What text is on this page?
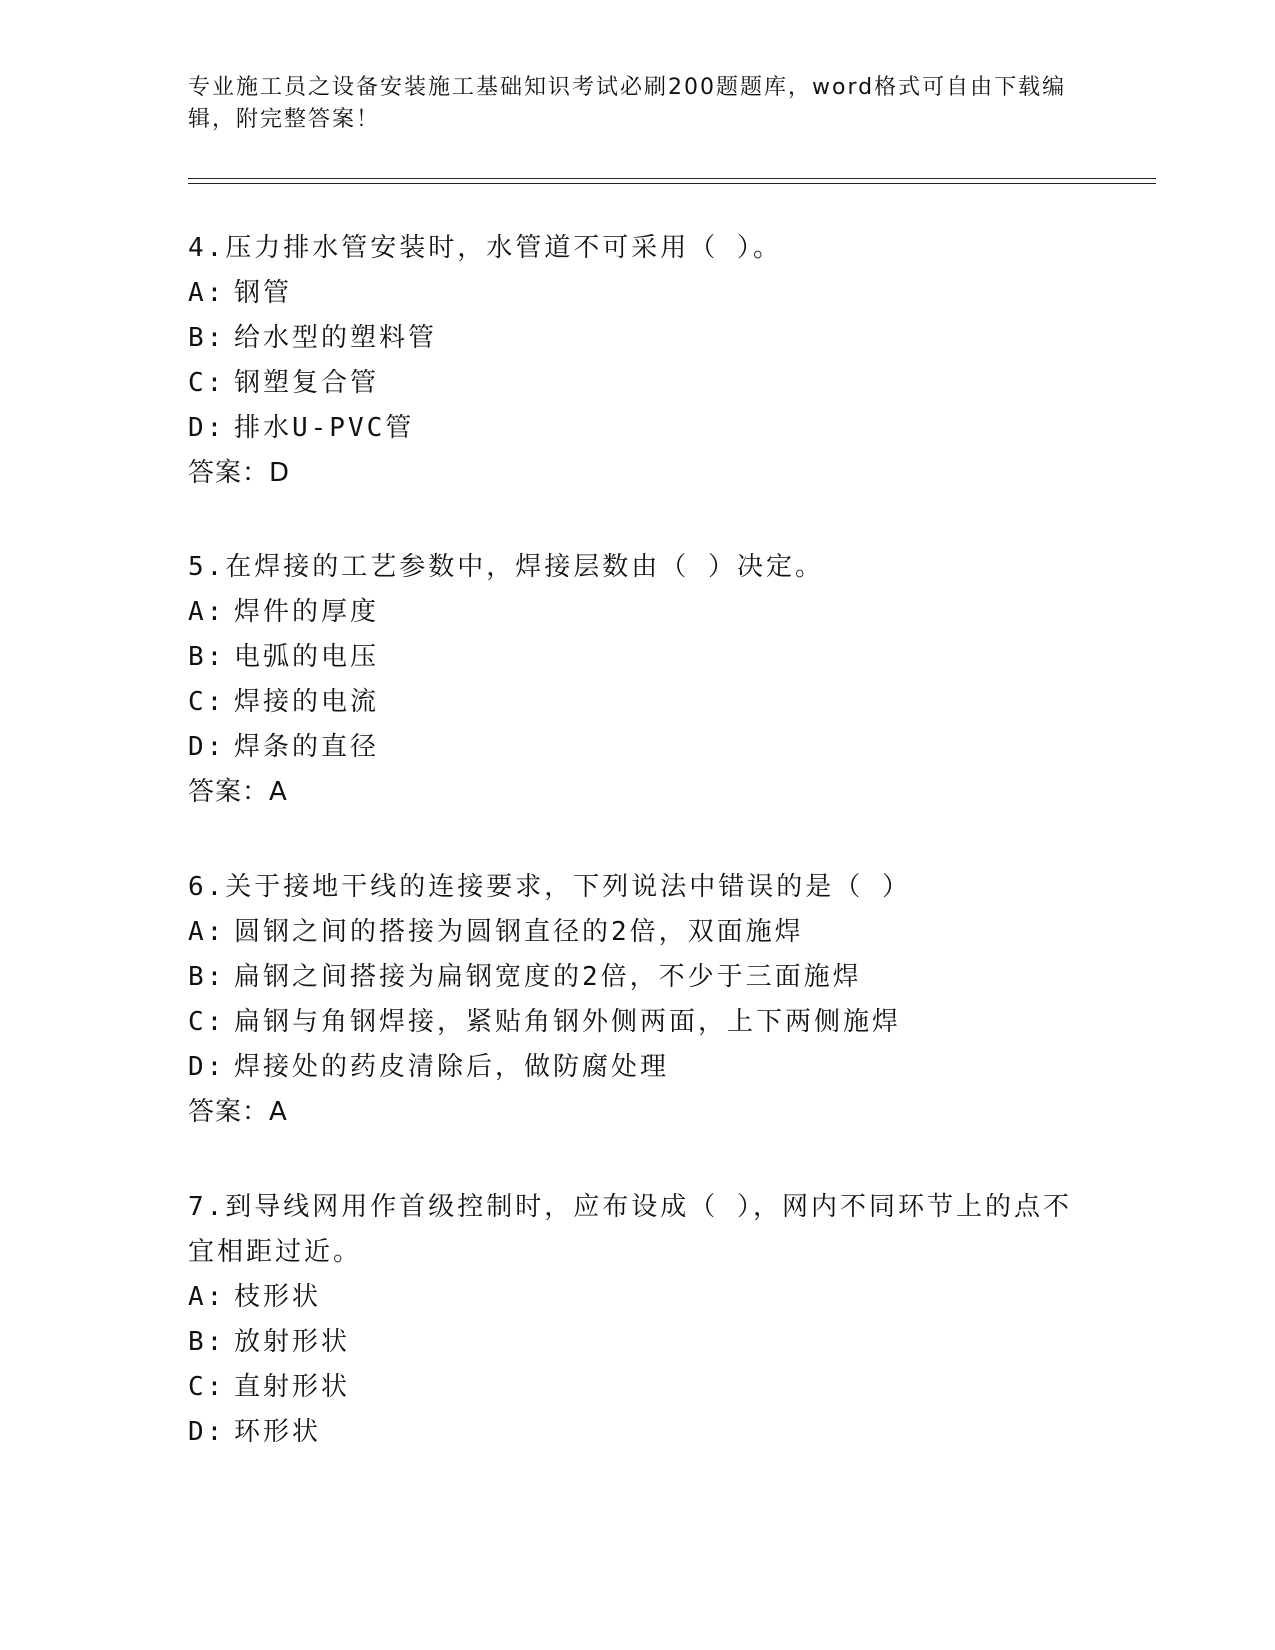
专业施工员之设备安装施工基础知识考试必刷200题题库，word格式可自由下载编辑，附完整答案！

4.压力排水管安装时，水管道不可采用（ ）。

A: 钢管

B: 给水型的塑料管

C: 钢塑复合管

D: 排水U-PVC管

答案：D

5.在焊接的工艺参数中，焊接层数由（ ）决定。

A: 焊件的厚度

B: 电弧的电压

C: 焊接的电流

D: 焊条的直径

答案：A

6.关于接地干线的连接要求，下列说法中错误的是（ ）

A: 圆钢之间的搭接为圆钢直径的2倍，双面施焊

B: 扁钢之间搭接为扁钢宽度的2倍，不少于三面施焊

C: 扁钢与角钢焊接，紧贴角钢外侧两面，上下两侧施焊

D: 焊接处的药皮清除后，做防腐处理

答案：A

7.到导线网用作首级控制时，应布设成（ ），网内不同环节上的点不宜相距过近。

A: 枝形状

B: 放射形状

C: 直射形状

D: 环形状
